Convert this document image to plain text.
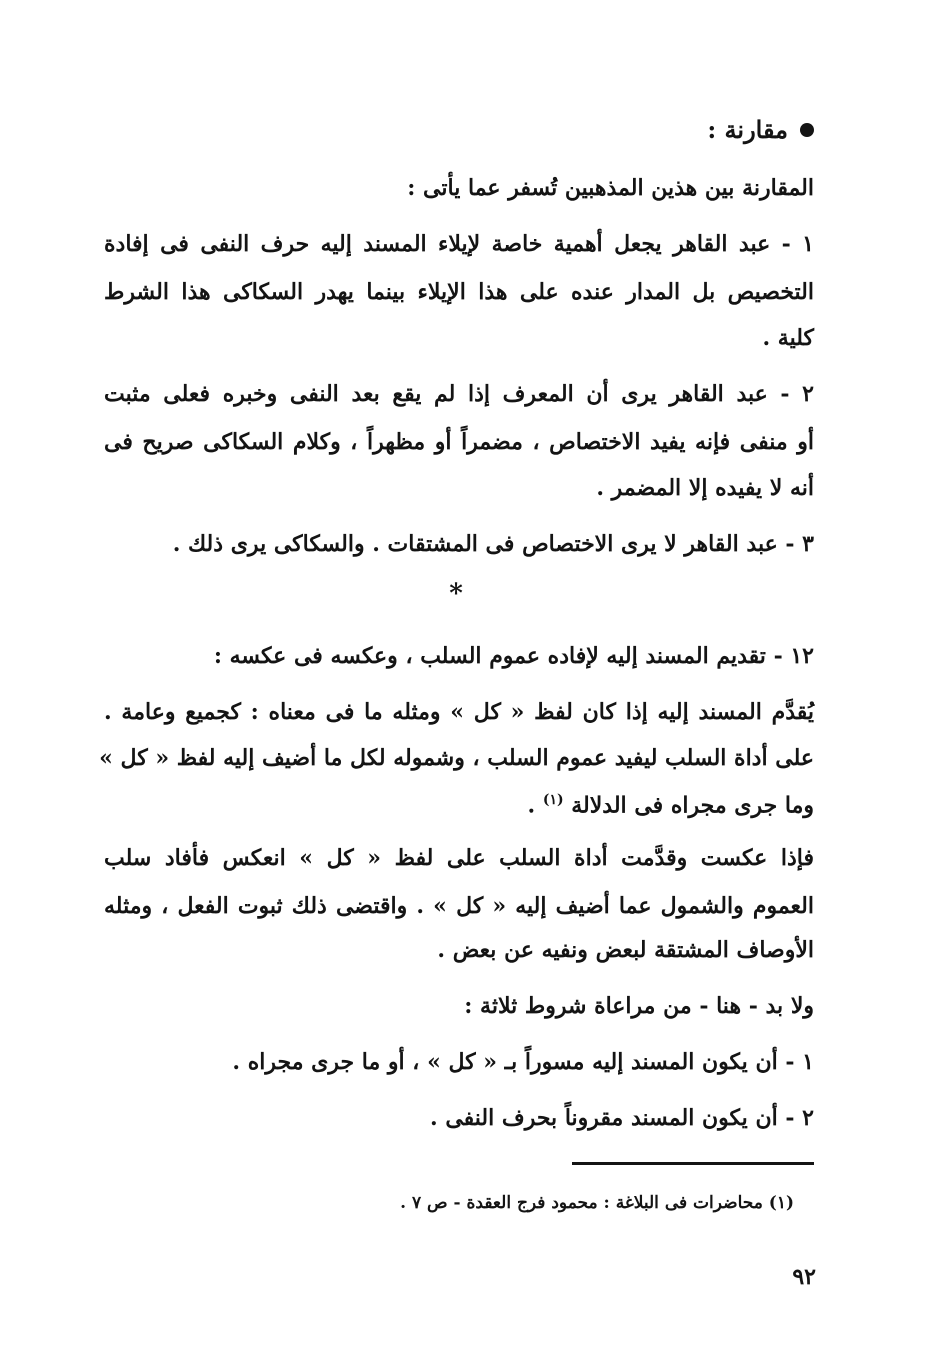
مقارنة :
المقارنة بين هذين المذهبين تُسفر عما يأتى :
١ - عبد القاهر يجعل أهمية خاصة لإيلاء المسند إليه حرف النفى فى إفادة
التخصيص بل المدار عنده على هذا الإيلاء بينما يهدر السكاكى هذا الشرط
كلية .
٢ - عبد القاهر يرى أن المعرف إذا لم يقع بعد النفى وخبره فعلى مثبت
أو منفى فإنه يفيد الاختصاص ، مضمراً أو مظهراً ، وكلام السكاكى صريح فى
أنه لا يفيده إلا المضمر .
٣ - عبد القاهر لا يرى الاختصاص فى المشتقات . والسكاكى يرى ذلك .
*
١٢ - تقديم المسند إليه لإفاده عموم السلب ، وعكسه فى عكسه :
يُقدَّم المسند إليه إذا كان لفظ « كل » ومثله ما فى معناه : كجميع وعامة .
على أداة السلب ليفيد عموم السلب ، وشموله لكل ما أضيف إليه لفظ « كل »
وما جرى مجراه فى الدلالة $^{(١)}$ .
فإذا عكست وقدَّمت أداة السلب على لفظ « كل » انعكس فأفاد سلب
العموم والشمول عما أضيف إليه « كل » . واقتضى ذلك ثبوت الفعل ، ومثله
الأوصاف المشتقة لبعض ونفيه عن بعض .
ولا بد - هنا - من مراعاة شروط ثلاثة :
١ - أن يكون المسند إليه مسوراً بـ « كل » ، أو ما جرى مجراه .
٢ - أن يكون المسند مقروناً بحرف النفى .
(١) محاضرات فى البلاغة : محمود فرج العقدة - ص ٧ .
٩٢
